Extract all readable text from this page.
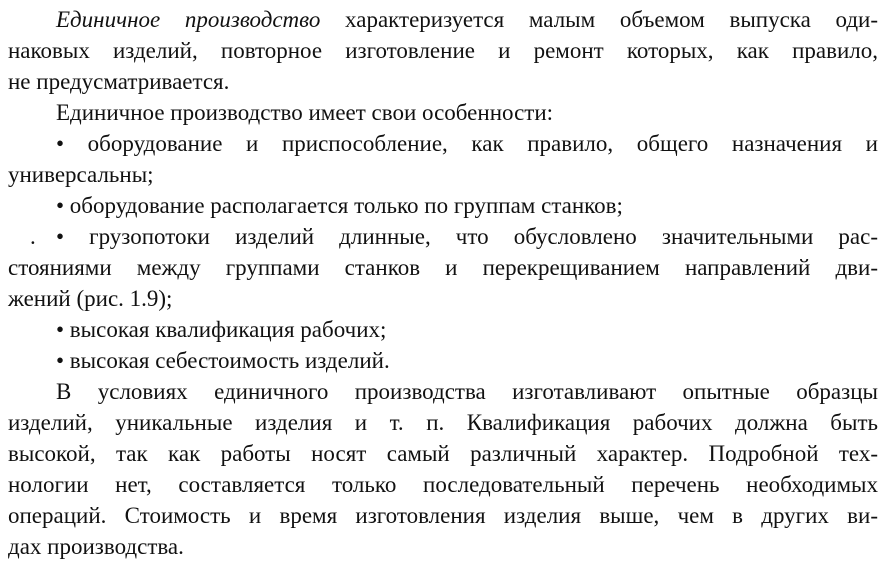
Единичное производство характеризуется малым объемом выпуска оди-
наковых изделий, повторное изготовление и ремонт которых, как правило,
не предусматривается.
Единичное производство имеет свои особенности:
• оборудование и приспособление, как правило, общего назначения и
универсальны;
• оборудование располагается только по группам станков;
. • грузопотоки изделий длинные, что обусловлено значительными рас-
стояниями между группами станков и перекрещиванием направлений дви-
жений (рис. 1.9);
• высокая квалификация рабочих;
• высокая себестоимость изделий.
В условиях единичного производства изготавливают опытные образцы
изделий, уникальные изделия и т. п. Квалификация рабочих должна быть
высокой, так как работы носят самый различный характер. Подробной тех-
нологии нет, составляется только последовательный перечень необходимых
операций. Стоимость и время изготовления изделия выше, чем в других ви-
дах производства.
